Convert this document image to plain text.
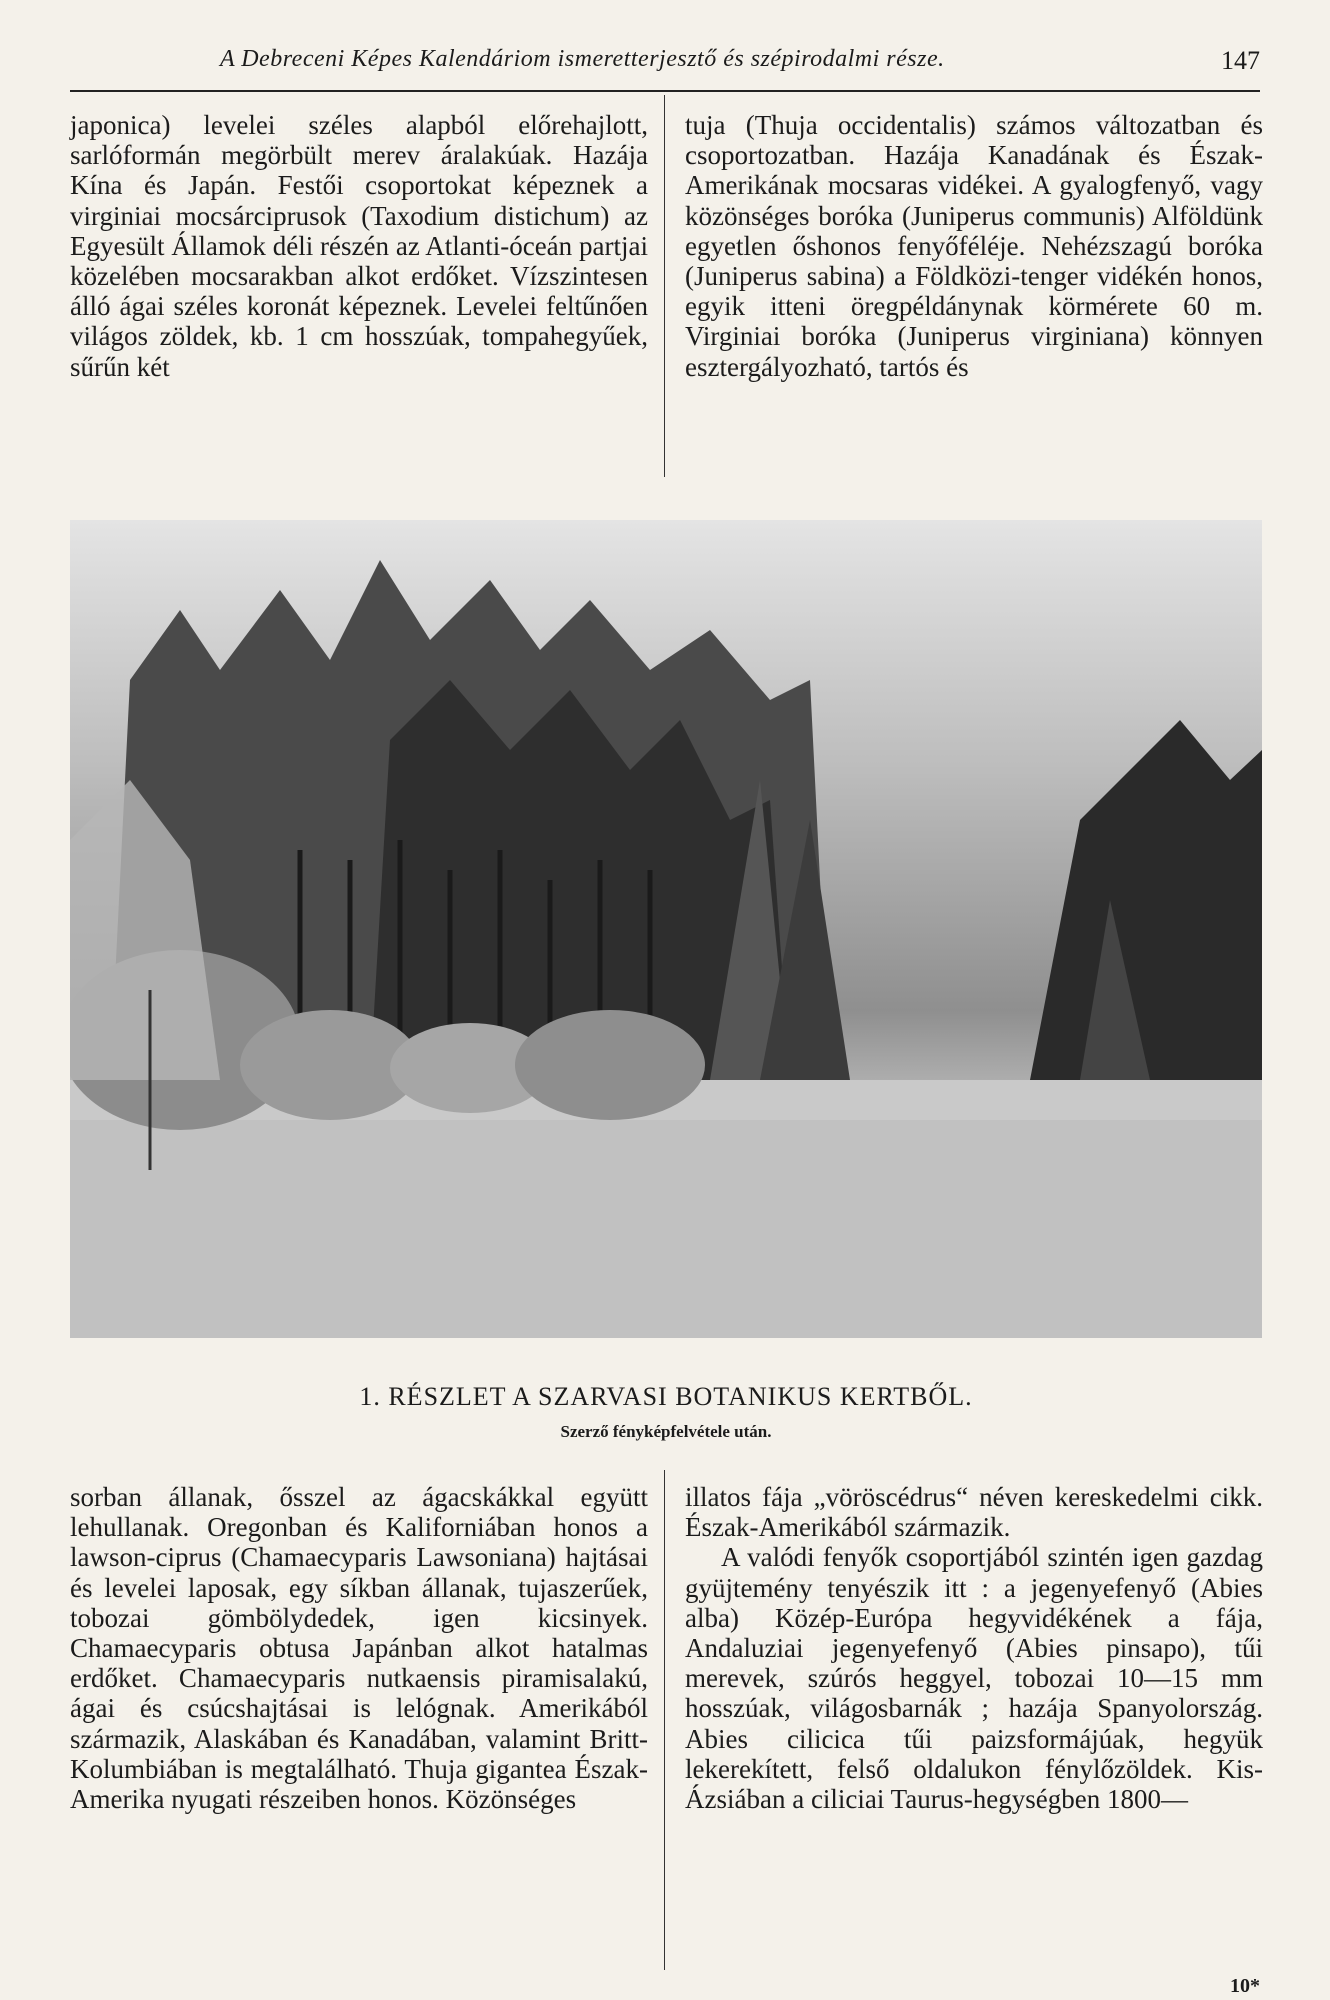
A Debreceni Képes Kalendáriom ismeretterjesztő és szépirodalmi része.	147

japonica) levelei széles alapból előrehajlott, sarlóformán megörbült merev áralakúak. Hazája Kína és Japán. Festői csoportokat képeznek a virginiai mocsárciprusok (Taxodium distichum) az Egyesült Államok déli részén az Atlanti-óceán partjai közelében mocsarakban alkot erdőket. Vízszintesen álló ágai széles koronát képeznek. Levelei feltűnően világos zöldek, kb. 1 cm hosszúak, tompahegyűek, sűrűn két

tuja (Thuja occidentalis) számos változatban és csoportozatban. Hazája Kanadának és Észak-Amerikának mocsaras vidékei. A gyalogfenyő, vagy közönséges boróka (Juniperus communis) Alföldünk egyetlen őshonos fenyőféléje. Nehézszagú boróka (Juniperus sabina) a Földközi-tenger vidékén honos, egyik itteni öregpéldánynak körmérete 60 m. Virginiai boróka (Juniperus virginiana) könnyen esztergályozható, tartós és

1. RÉSZLET A SZARVASI BOTANIKUS KERTBŐL.
Szerző fényképfelvétele után.

sorban állanak, ősszel az ágacskákkal együtt lehullanak. Oregonban és Kaliforniában honos a lawson-ciprus (Chamaecyparis Lawsoniana) hajtásai és levelei laposak, egy síkban állanak, tujaszerűek, tobozai gömbölydedek, igen kicsinyek. Chamaecyparis obtusa Japánban alkot hatalmas erdőket. Chamaecyparis nutkaensis piramisalakú, ágai és csúcshajtásai is lelógnak. Amerikából származik, Alaskában és Kanadában, valamint Britt-Kolumbiában is megtalálható. Thuja gigantea Észak-Amerika nyugati részeiben honos. Közönséges

illatos fája „vöröscédrus“ néven kereskedelmi cikk. Észak-Amerikából származik.

A valódi fenyők csoportjából szintén igen gazdag gyüjtemény tenyészik itt : a jegenyefenyő (Abies alba) Közép-Európa hegyvidékének a fája, Andaluziai jegenyefenyő (Abies pinsapo), tűi merevek, szúrós heggyel, tobozai 10—15 mm hosszúak, világosbarnák ; hazája Spanyolország. Abies cilicica tűi paizsformájúak, hegyük lekerekített, felső oldalukon fénylőzöldek. Kis-Ázsiában a ciliciai Taurus-hegységben 1800—

10*
